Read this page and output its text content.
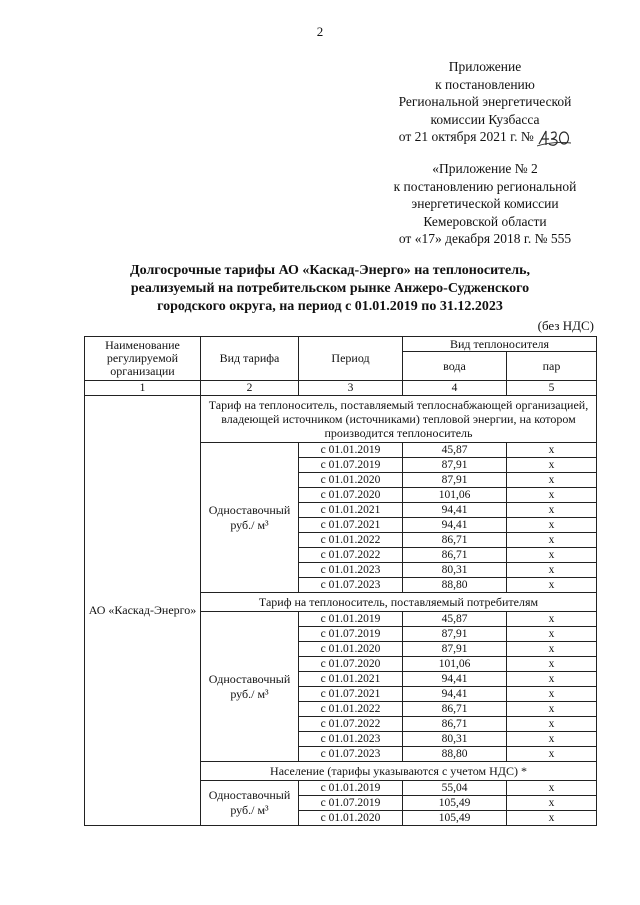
2
Приложение
к постановлению
Региональной энергетической
комиссии Кузбасса
от 21 октября 2021 г. №
«Приложение № 2
к постановлению региональной
энергетической комиссии
Кемеровской области
от «17» декабря 2018 г. № 555
Долгосрочные тарифы АО «Каскад-Энерго» на теплоноситель,
реализуемый на потребительском рынке Анжеро-Судженского
городского округа, на период с 01.01.2019 по 31.12.2023
(без НДС)
Наименование регулируемой организации	Вид тарифа	Период	Вид теплоносителя	
			вода	пар
1	2	3	4	5
АО «Каскад-Энерго»	Тариф на теплоноситель, поставляемый теплоснабжающей организацией, владеющей источником (источниками) тепловой энергии, на котором производится теплоноситель			
	Одноставочный руб./ м³	с 01.01.2019	45,87	x
		с 01.07.2019	87,91	x
		с 01.01.2020	87,91	x
		с 01.07.2020	101,06	x
		с 01.01.2021	94,41	x
		с 01.07.2021	94,41	x
		с 01.01.2022	86,71	x
		с 01.07.2022	86,71	x
		с 01.01.2023	80,31	x
		с 01.07.2023	88,80	x
	Тариф на теплоноситель, поставляемый потребителям			
	Одноставочный руб./ м³	с 01.01.2019	45,87	x
		с 01.07.2019	87,91	x
		с 01.01.2020	87,91	x
		с 01.07.2020	101,06	x
		с 01.01.2021	94,41	x
		с 01.07.2021	94,41	x
		с 01.01.2022	86,71	x
		с 01.07.2022	86,71	x
		с 01.01.2023	80,31	x
		с 01.07.2023	88,80	x
	Население (тарифы указываются с учетом НДС) *			
	Одноставочный руб./ м³	с 01.01.2019	55,04	x
		с 01.07.2019	105,49	x
		с 01.01.2020	105,49	x
